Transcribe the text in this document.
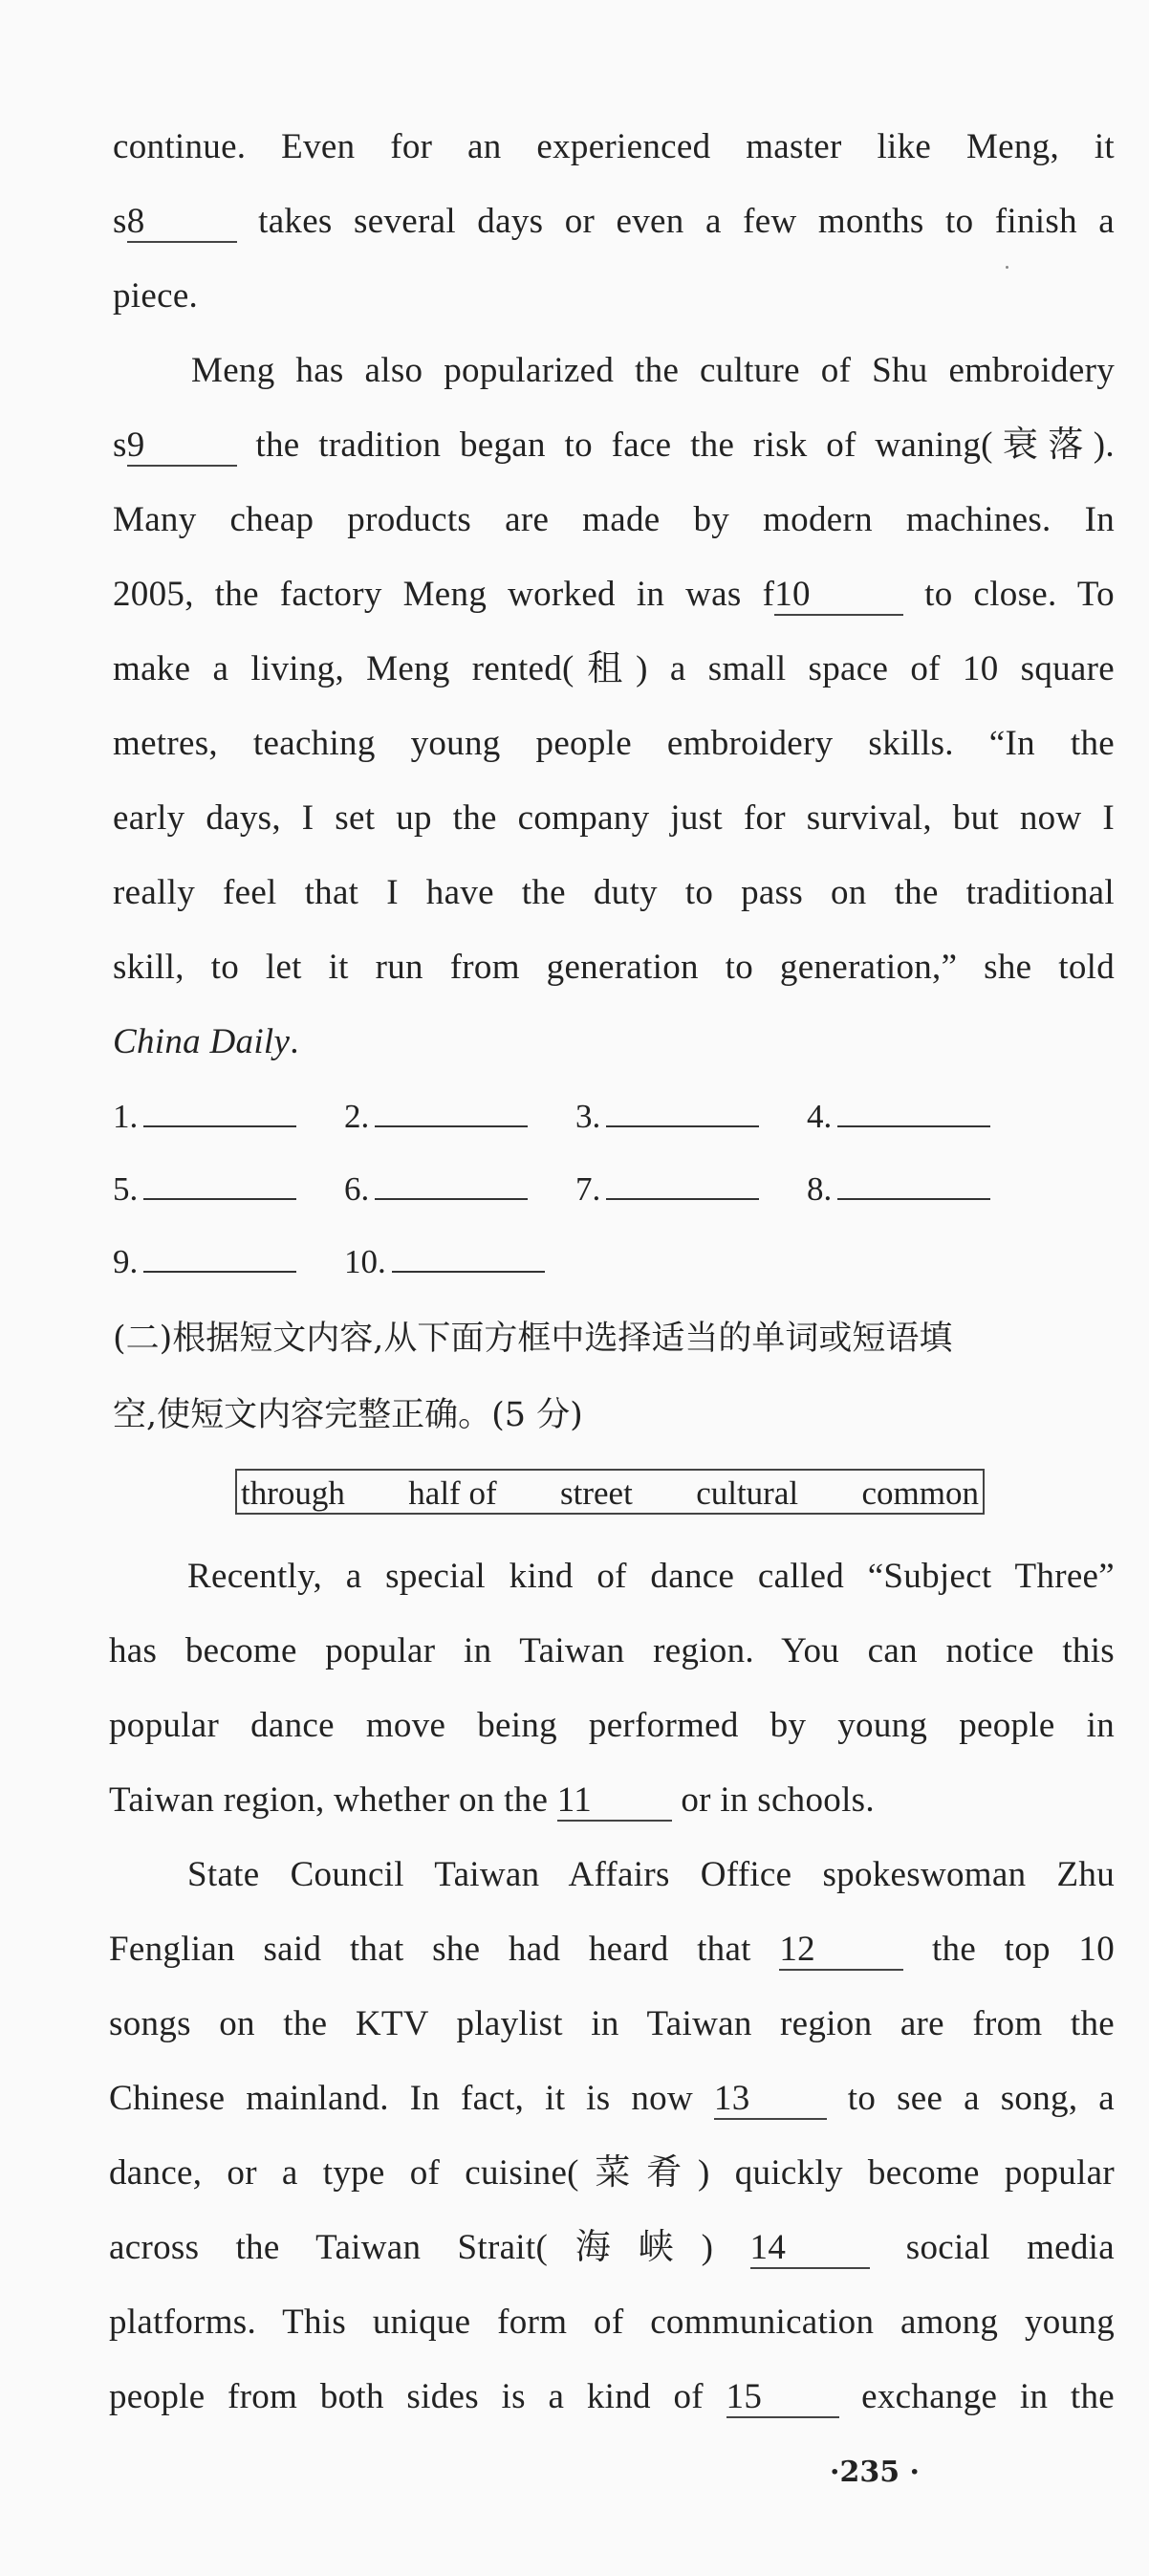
continue. Even for an experienced master like Meng, it
s8	takes several days or even a few months to finish a
piece.
Meng has also popularized the culture of Shu embroidery
s9	the tradition began to face the risk of waning(衰落).
Many cheap products are made by modern machines. In
2005, the factory Meng worked in was f10	to close. To
make a living, Meng rented(租) a small space of 10 square
metres, teaching young people embroidery skills. “In the
early days, I set up the company just for survival, but now I
really feel that I have the duty to pass on the traditional
skill, to let it run from generation to generation,” she told
China Daily.
1.	2.	3.	4.
5.	6.	7.	8.
9.	10.
(二)根据短文内容,从下面方框中选择适当的单词或短语填
空,使短文内容完整正确。(5 分)
through half of street cultural common
Recently, a special kind of dance called “Subject Three”
has become popular in Taiwan region. You can notice this
popular dance move being performed by young people in
Taiwan region, whether on the 11	or in schools.
State Council Taiwan Affairs Office spokeswoman Zhu
Fenglian said that she had heard that 12	the top 10
songs on the KTV playlist in Taiwan region are from the
Chinese mainland. In fact, it is now 13	to see a song, a
dance, or a type of cuisine(菜肴) quickly become popular
across the Taiwan Strait(海峡) 14	social media
platforms. This unique form of communication among young
people from both sides is a kind of 15	exchange in the
·235 ·
